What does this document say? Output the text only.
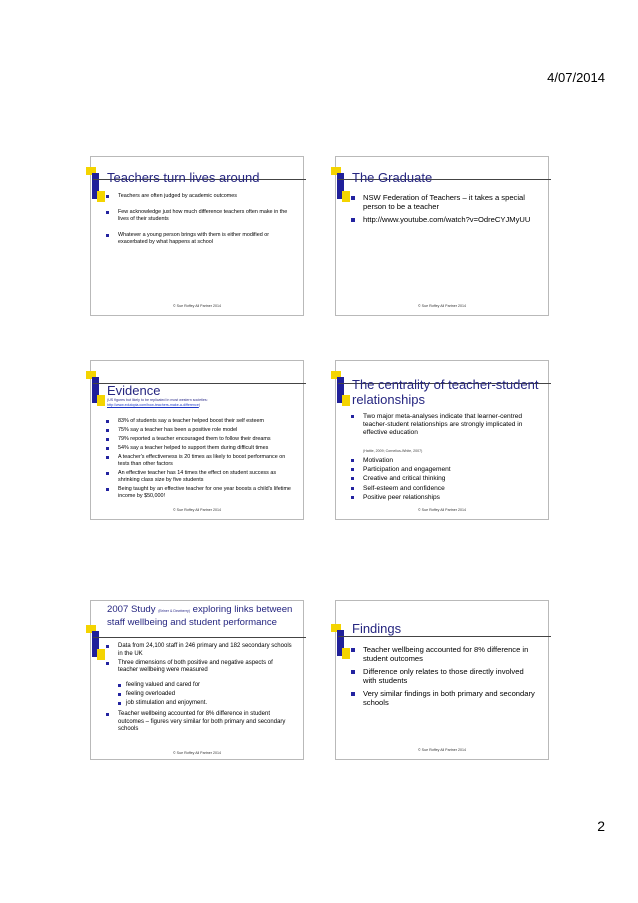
4/07/2014
Teachers turn lives around
Teachers are often judged by academic outcomes
Few acknowledge just how much difference teachers often make in the lives of their students
Whatever a young person brings with them is either modified or exacerbated by what happens at school
© Sue Roffey All Partner 2014
The Graduate
NSW Federation of Teachers – it takes a special person to be a teacher
http://www.youtube.com/watch?v=OdreCYJMyUU
© Sue Roffey All Partner 2014
Evidence
(US figures but likely to be replicated in most western societies:
http://www.edutopia.com/how-teachers-make-a-difference)
83% of students say a teacher helped boost their self esteem
75% say a teacher has been a positive role model
79% reported a teacher encouraged them to follow their dreams
54% say a teacher helped to support them during difficult times
A teacher's effectiveness is 20 times as likely to boost performance on tests than other factors
An effective teacher has 14 times the effect on student success as shrinking class size by five students
Being taught by an effective teacher for one year boosts a child's lifetime income by $50,000!
© Sue Roffey All Partner 2014
The centrality of teacher-student relationships
Two major meta-analyses indicate that learner-centred teacher-student relationships are strongly implicated in effective education
(Hattie, 2009; Cornelius-White, 2007)
Motivation
Participation and engagement
Creative and critical thinking
Self-esteem and confidence
Positive peer relationships
© Sue Roffey All Partner 2014
2007 Study (Briner & Dewberry) exploring links between staff wellbeing and student performance
Data from 24,100 staff in 246 primary and 182 secondary schools in the UK
Three dimensions of both positive and negative aspects of teacher wellbeing were measured
feeling valued and cared for
feeling overloaded
job stimulation and enjoyment.
Teacher wellbeing accounted for 8% difference in student outcomes – figures very similar for both primary and secondary schools
© Sue Roffey All Partner 2014
Findings
Teacher wellbeing accounted for 8% difference in student outcomes
Difference only relates to those directly involved with students
Very similar findings in both primary and secondary schools
© Sue Roffey All Partner 2014
2
